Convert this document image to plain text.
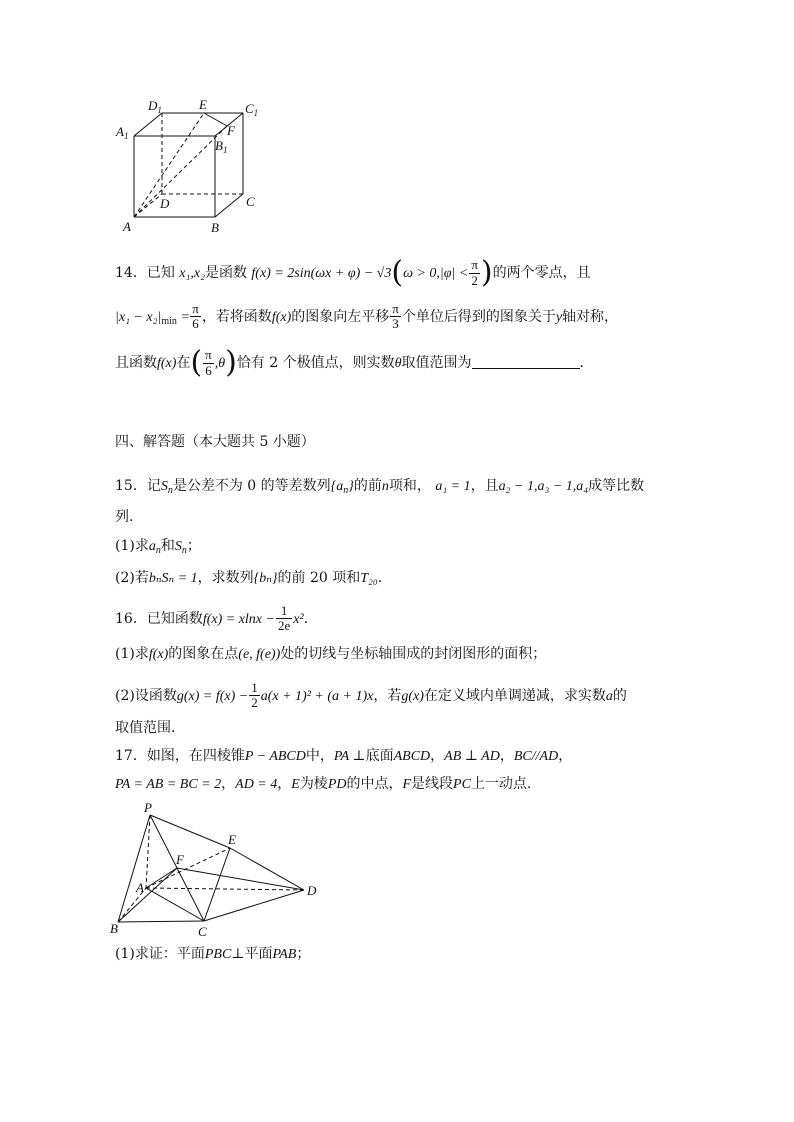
$D_1$	E	$C_1$
$A_1$	F
$B_1$
D	C
A	B
14．已知 x₁,x₂是函数 $f(x) = 2\sin(\omega x + \varphi) - √3(\omega > 0,|\varphi| < \frac{\pi}{2}$ )的两个零点，且
$|x_1 - x_2|_{min} = \frac{\pi}{6}$ ，若将函数f(x)的图象向左平移 $\frac{\pi}{3}$ 个单位后得到的图象关于y轴对称，
且函数f(x)在( $\frac{\pi}{6} ,\theta$)恰有 2 个极值点，则实数θ取值范围为	.
四、解答题（本大题共 5 小题）
15．记$S_n$是公差不为 0 的等差数列$\{a_n\}$的前n项和， a₁ = 1，且a₂ − 1,a₃ − 1,a₄成等比数
列.
(1)求$a_n$和$S_n$；
(2)若bₙSₙ = 1，求数列{bₙ}的前 20 项和T₂₀.
16．已知函数$f(x) = xlnx - \frac{1}{2e} x^2$.
(1)求f(x)的图象在点(e, f(e))处的切线与坐标轴围成的封闭图形的面积；
(2)设函数$g(x) = f(x) - \frac{1}{2} a(x + 1)^2 + (a + 1)x$，若g(x)在定义域内单调递减，求实数a的
取值范围.
17．如图，在四棱锥P − ABCD中，PA ⊥底面ABCD，AB ⊥ AD，BC//AD，
PA = AB = BC = 2，AD = 4，E为棱PD的中点，F是线段PC上一动点.
P
E
F
A	D
B	C
(1)求证：平面PBC⊥平面PAB；
